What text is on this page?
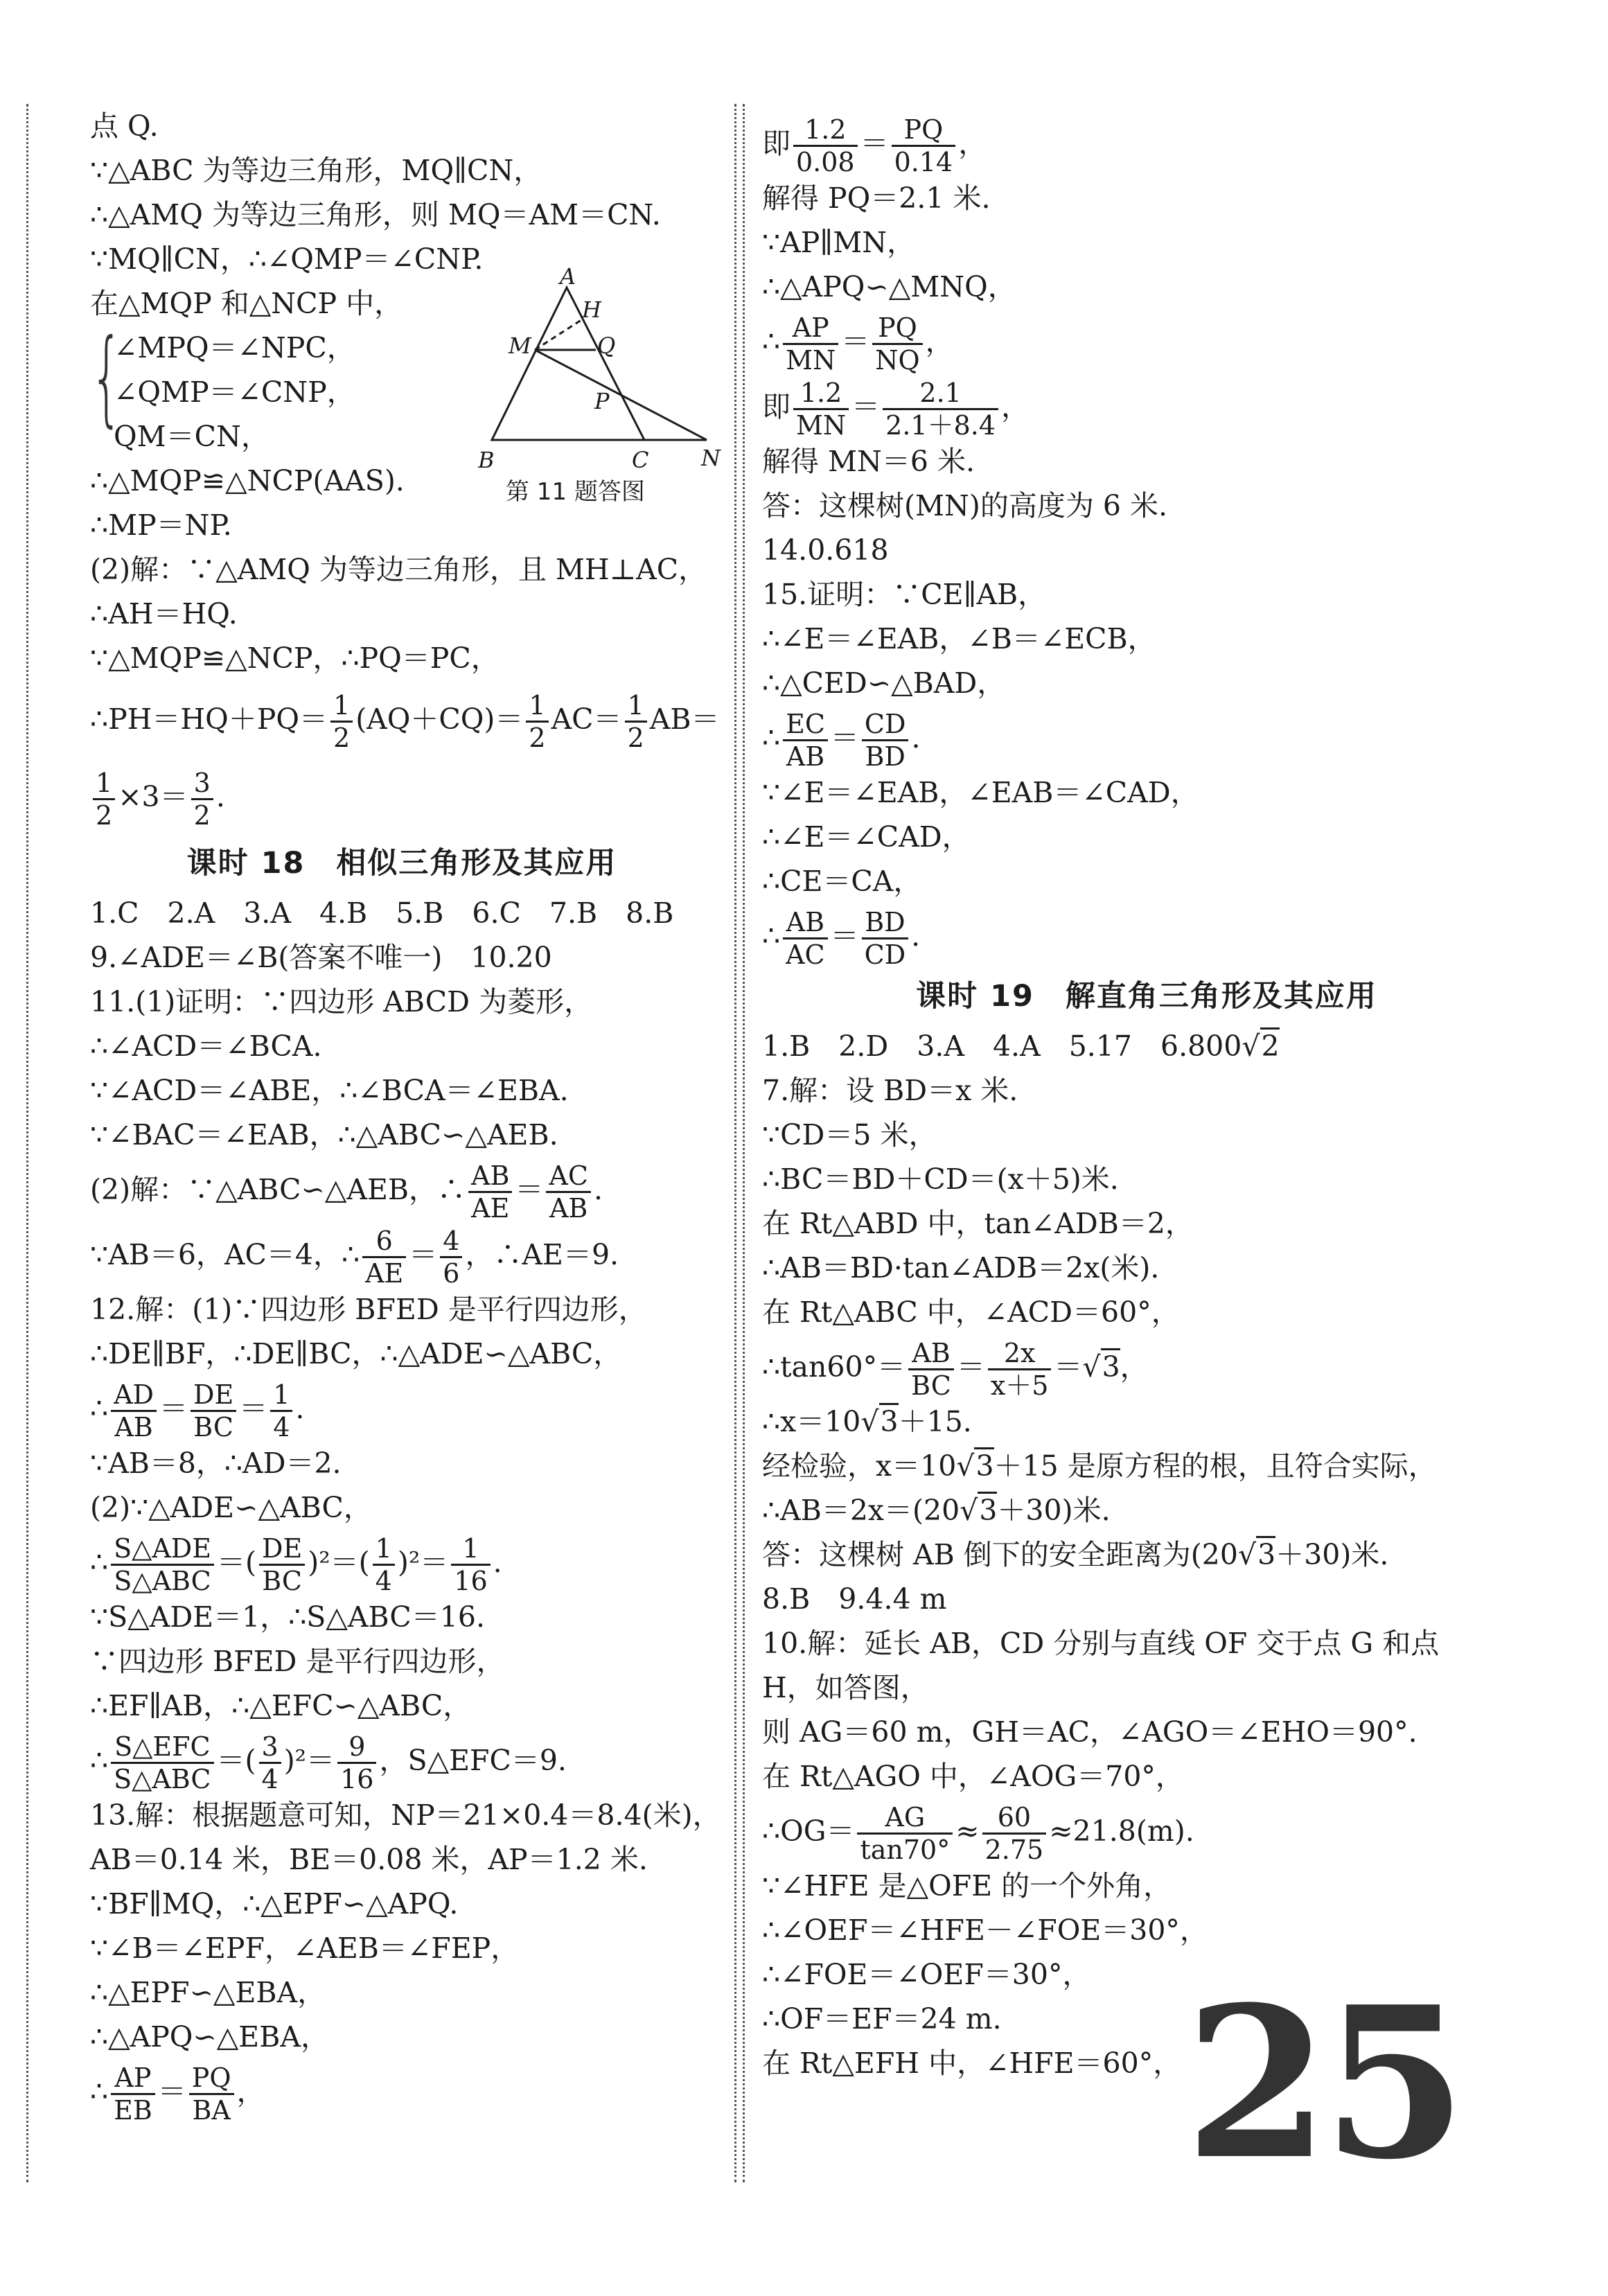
点 Q.
∵△ABC 为等边三角形，MQ∥CN，
∴△AMQ 为等边三角形，则 MQ＝AM＝CN.
∵MQ∥CN，∴∠QMP＝∠CNP.
在△MQP 和△NCP 中，
{
∠MPQ＝∠NPC，
∠QMP＝∠CNP，
QM＝CN，
∴△MQP≌△NCP(AAS).
∴MP＝NP.
(2)解：∵△AMQ 为等边三角形，且 MH⊥AC，
∴AH＝HQ.
∵△MQP≌△NCP，∴PQ＝PC，
∴PH＝HQ＋PQ＝ $\frac{1}{2} (AQ+CQ)= \frac{1}{2} AC= \frac{1}{2} AB=$
$\frac{1}{2} \times 3= \frac{3}{2}$ .
课时 18　相似三角形及其应用
1.C　2.A　3.A　4.B　5.B　6.C　7.B　8.B
9.∠ADE＝∠B(答案不唯一)　10.20
11.(1)证明：∵四边形 ABCD 为菱形，
∴∠ACD＝∠BCA.
∵∠ACD＝∠ABE，∴∠BCA＝∠EBA.
∵∠BAC＝∠EAB，∴△ABC∽△AEB.
(2)解：∵△ABC∽△AEB，∴ $\frac{AB}{AE} = \frac{AC}{AB}$ .
∵AB＝6，AC＝4，∴ $\frac{6}{AE} = \frac{4}{6}$ ，∴AE＝9.
12.解：(1)∵四边形 BFED 是平行四边形，
∴DE∥BF，∴DE∥BC，∴△ADE∽△ABC，
∴ $\frac{AD}{AB} = \frac{DE}{BC} = \frac{1}{4}$ .
∵AB＝8，∴AD＝2.
(2)∵△ADE∽△ABC，
∴ $\frac{\text{S△ADE}}{\text{S△ABC}}$ ＝( $\frac{DE}{BC} )^2=( \frac{1}{4} )^2= \frac{1}{16}$ .
∵S△ADE＝1，∴S△ABC＝16.
∵四边形 BFED 是平行四边形，
∴EF∥AB，∴△EFC∽△ABC，
∴ $\frac{\text{S△EFC}}{\text{S△ABC}}$ ＝( $\frac{3}{4} )^2= \frac{9}{16}$ ，S△EFC＝9.
13.解：根据题意可知，NP＝21×0.4＝8.4(米)，
AB＝0.14 米，BE＝0.08 米，AP＝1.2 米.
∵BF∥MQ，∴△EPF∽△APQ.
∵∠B＝∠EPF，∠AEB＝∠FEP，
∴△EPF∽△EBA，
∴△APQ∽△EBA，
∴ $\frac{AP}{EB} = \frac{PQ}{BA}$ ，
A
H
M	Q
P
B	C N
第 11 题答图
即 $\frac{1.2}{0.08} = \frac{PQ}{0.14}$ ，
解得 PQ＝2.1 米.
∵AP∥MN，
∴△APQ∽△MNQ，
∴ $\frac{AP}{MN} = \frac{PQ}{NQ}$ ，
即 $\frac{1.2}{MN} = \frac{2.1}{2.1+8.4}$ ，
解得 MN＝6 米.
答：这棵树(MN)的高度为 6 米.
14.0.618
15.证明：∵CE∥AB，
∴∠E＝∠EAB，∠B＝∠ECB，
∴△CED∽△BAD，
∴ $\frac{EC}{AB} = \frac{CD}{BD}$ .
∵∠E＝∠EAB，∠EAB＝∠CAD，
∴∠E＝∠CAD，
∴CE＝CA，
∴ $\frac{AB}{AC} = \frac{BD}{CD}$ .
课时 19　解直角三角形及其应用
1.B　2.D　3.A　4.A　5.17　6.800√2
7.解：设 BD＝x 米.
∵CD＝5 米，
∴BC＝BD＋CD＝(x＋5)米.
在 Rt△ABD 中，tan∠ADB＝2，
∴AB＝BD·tan∠ADB＝2x(米).
在 Rt△ABC 中，∠ACD＝60°，
∴tan60°＝ $\frac{AB}{BC} = \frac{2x}{x+5} =√3$，
∴x＝10√3＋15.
经检验，x＝10√3＋15 是原方程的根，且符合实际，
∴AB＝2x＝(20√3＋30)米.
答：这棵树 AB 倒下的安全距离为(20√3＋30)米.
8.B　9.4.4 m
10.解：延长 AB，CD 分别与直线 OF 交于点 G 和点
H，如答图，
则 AG＝60 m，GH＝AC，∠AGO＝∠EHO＝90°.
在 Rt△AGO 中，∠AOG＝70°，
∴OG＝ $\frac{AG}{\tan 70^\circ} \approx \frac{60}{2.75} \approx 21.8(m)$.
∵∠HFE 是△OFE 的一个外角，
∴∠OEF＝∠HFE－∠FOE＝30°，
∴∠FOE＝∠OEF＝30°，
∴OF＝EF＝24 m.
在 Rt△EFH 中，∠HFE＝60°， 25
